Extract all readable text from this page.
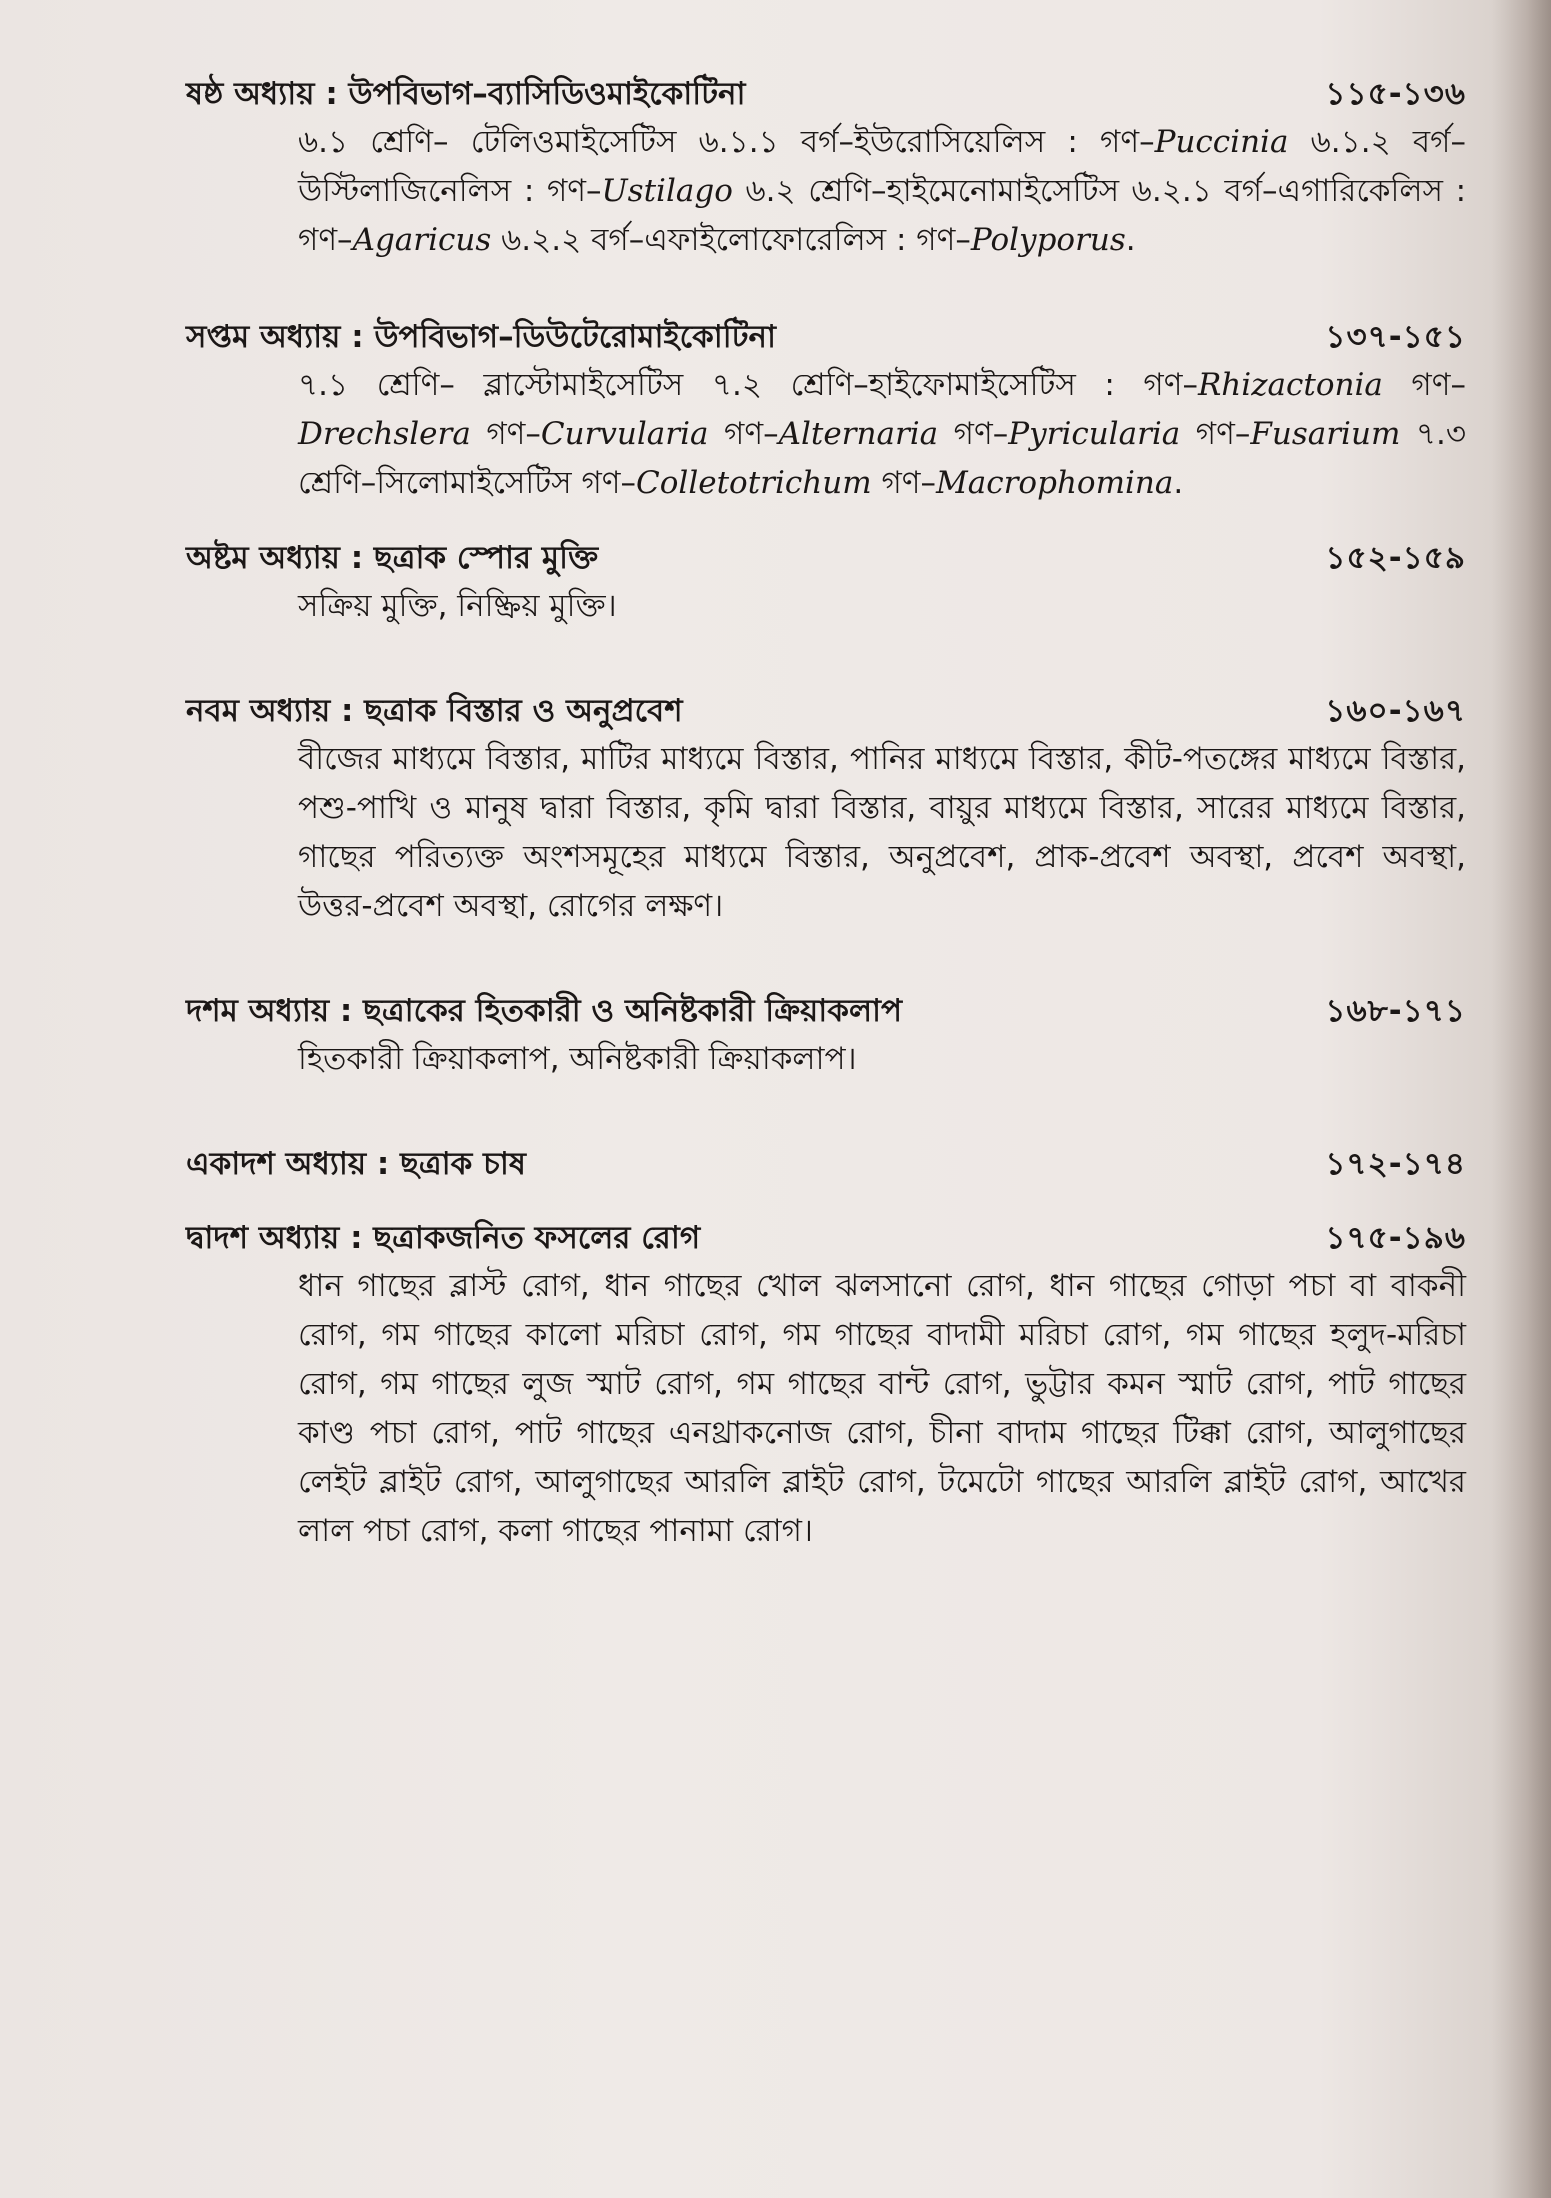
ষষ্ঠ অধ্যায় : উপবিভাগ–ব্যাসিডিওমাইকোটিনা	১১৫-১৩৬
৬.১ শ্রেণি– টেলিওমাইসেটিস ৬.১.১ বর্গ–ইউরোসিয়েলিস : গণ–Puccinia ৬.১.২ বর্গ–উস্টিলাজিনেলিস : গণ–Ustilago ৬.২ শ্রেণি–হাইমেনোমাইসেটিস ৬.২.১ বর্গ–এগারিকেলিস : গণ–Agaricus ৬.২.২ বর্গ–এফাইলোফোরেলিস : গণ–Polyporus.
সপ্তম অধ্যায় : উপবিভাগ–ডিউটেরোমাইকোটিনা	১৩৭-১৫১
৭.১ শ্রেণি– ব্লাস্টোমাইসেটিস ৭.২ শ্রেণি–হাইফোমাইসেটিস : গণ–Rhizactonia গণ–Drechslera গণ–Curvularia গণ–Alternaria গণ–Pyricularia গণ–Fusarium ৭.৩ শ্রেণি–সিলোমাইসেটিস গণ–Colletotrichum গণ–Macrophomina.
অষ্টম অধ্যায় : ছত্রাক স্পোর মুক্তি	১৫২-১৫৯
সক্রিয় মুক্তি, নিষ্ক্রিয় মুক্তি।
নবম অধ্যায় : ছত্রাক বিস্তার ও অনুপ্রবেশ	১৬০-১৬৭
বীজের মাধ্যমে বিস্তার, মাটির মাধ্যমে বিস্তার, পানির মাধ্যমে বিস্তার, কীট-পতঙ্গের মাধ্যমে বিস্তার, পশু-পাখি ও মানুষ দ্বারা বিস্তার, কৃমি দ্বারা বিস্তার, বায়ুর মাধ্যমে বিস্তার, সারের মাধ্যমে বিস্তার, গাছের পরিত্যক্ত অংশসমূহের মাধ্যমে বিস্তার, অনুপ্রবেশ, প্রাক-প্রবেশ অবস্থা, প্রবেশ অবস্থা, উত্তর-প্রবেশ অবস্থা, রোগের লক্ষণ।
দশম অধ্যায় : ছত্রাকের হিতকারী ও অনিষ্টকারী ক্রিয়াকলাপ	১৬৮-১৭১
হিতকারী ক্রিয়াকলাপ, অনিষ্টকারী ক্রিয়াকলাপ।
একাদশ অধ্যায় : ছত্রাক চাষ	১৭২-১৭৪
দ্বাদশ অধ্যায় : ছত্রাকজনিত ফসলের রোগ	১৭৫-১৯৬
ধান গাছের ব্লাস্ট রোগ, ধান গাছের খোল ঝলসানো রোগ, ধান গাছের গোড়া পচা বা বাকনী রোগ, গম গাছের কালো মরিচা রোগ, গম গাছের বাদামী মরিচা রোগ, গম গাছের হলুদ-মরিচা রোগ, গম গাছের লুজ স্মাট রোগ, গম গাছের বান্ট রোগ, ভুট্টার কমন স্মাট রোগ, পাট গাছের কাণ্ড পচা রোগ, পাট গাছের এনথ্রাকনোজ রোগ, চীনা বাদাম গাছের টিক্কা রোগ, আলুগাছের লেইট ব্লাইট রোগ, আলুগাছের আরলি ব্লাইট রোগ, টমেটো গাছের আরলি ব্লাইট রোগ, আখের লাল পচা রোগ, কলা গাছের পানামা রোগ।
